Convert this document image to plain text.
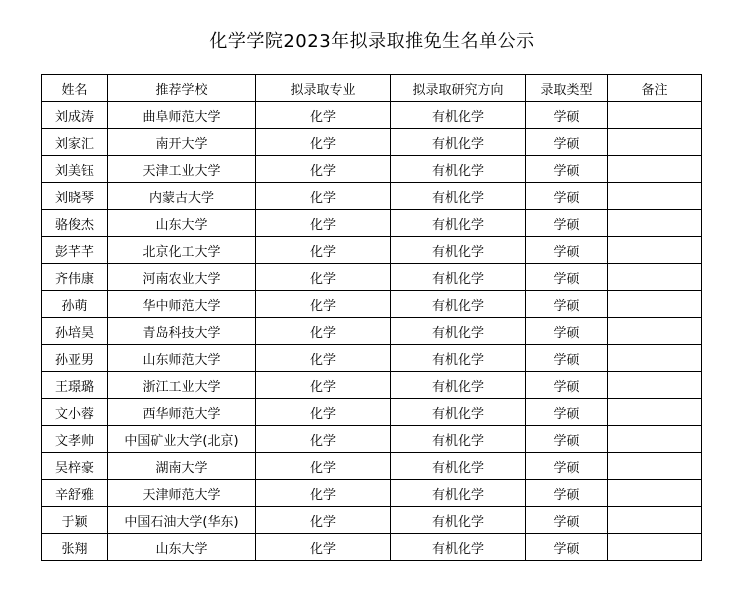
化学学院2023年拟录取推免生名单公示
姓名	推荐学校	拟录取专业	拟录取研究方向	录取类型	备注
刘成涛	曲阜师范大学	化学	有机化学	学硕	
刘家汇	南开大学	化学	有机化学	学硕	
刘美钰	天津工业大学	化学	有机化学	学硕	
刘晓琴	内蒙古大学	化学	有机化学	学硕	
骆俊杰	山东大学	化学	有机化学	学硕	
彭芊芊	北京化工大学	化学	有机化学	学硕	
齐伟康	河南农业大学	化学	有机化学	学硕	
孙萌	华中师范大学	化学	有机化学	学硕	
孙培昊	青岛科技大学	化学	有机化学	学硕	
孙亚男	山东师范大学	化学	有机化学	学硕	
王璟璐	浙江工业大学	化学	有机化学	学硕	
文小蓉	西华师范大学	化学	有机化学	学硕	
文孝帅	中国矿业大学(北京)	化学	有机化学	学硕	
吴梓豪	湖南大学	化学	有机化学	学硕	
辛舒雅	天津师范大学	化学	有机化学	学硕	
于颖	中国石油大学(华东)	化学	有机化学	学硕	
张翔	山东大学	化学	有机化学	学硕	
